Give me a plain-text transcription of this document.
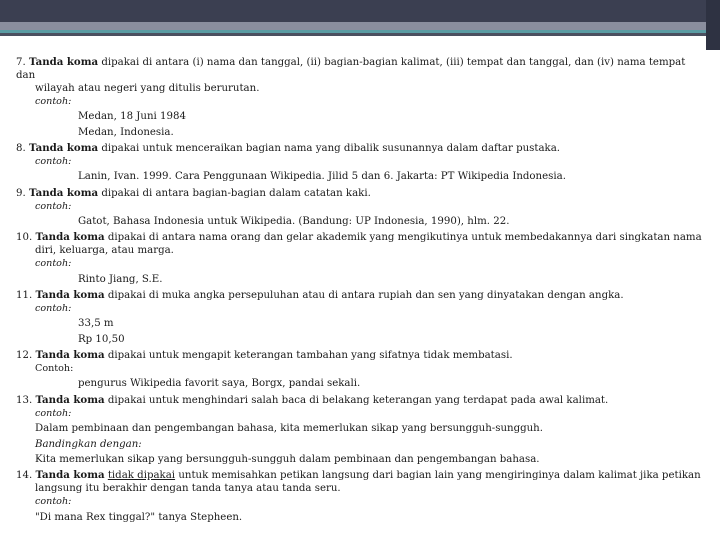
7. Tanda koma dipakai di antara (i) nama dan tanggal, (ii) bagian-bagian kalimat, (iii) tempat dan tanggal, dan (iv) nama tempat dan
wilayah atau negeri yang ditulis berurutan.
contoh:
Medan, 18 Juni 1984
Medan, Indonesia.
8. Tanda koma dipakai untuk menceraikan bagian nama yang dibalik susunannya dalam daftar pustaka.
contoh:
Lanin, Ivan. 1999. Cara Penggunaan Wikipedia. Jilid 5 dan 6. Jakarta: PT Wikipedia Indonesia.
9. Tanda koma dipakai di antara bagian-bagian dalam catatan kaki.
contoh:
Gatot, Bahasa Indonesia untuk Wikipedia. (Bandung: UP Indonesia, 1990), hlm. 22.
10. Tanda koma dipakai di antara nama orang dan gelar akademik yang mengikutinya untuk membedakannya dari singkatan nama
diri, keluarga, atau marga.
contoh:
Rinto Jiang, S.E.
11. Tanda koma dipakai di muka angka persepuluhan atau di antara rupiah dan sen yang dinyatakan dengan angka.
contoh:
33,5 m
Rp 10,50
12. Tanda koma dipakai untuk mengapit keterangan tambahan yang sifatnya tidak membatasi.
Contoh:
pengurus Wikipedia favorit saya, Borgx, pandai sekali.
13. Tanda koma dipakai untuk menghindari salah baca di belakang keterangan yang terdapat pada awal kalimat.
contoh:
Dalam pembinaan dan pengembangan bahasa, kita memerlukan sikap yang bersungguh-sungguh.
Bandingkan dengan:
Kita memerlukan sikap yang bersungguh-sungguh dalam pembinaan dan pengembangan bahasa.
14. Tanda koma tidak dipakai untuk memisahkan petikan langsung dari bagian lain yang mengiringinya dalam kalimat jika petikan
langsung itu berakhir dengan tanda tanya atau tanda seru.
contoh:
"Di mana Rex tinggal?" tanya Stepheen.
